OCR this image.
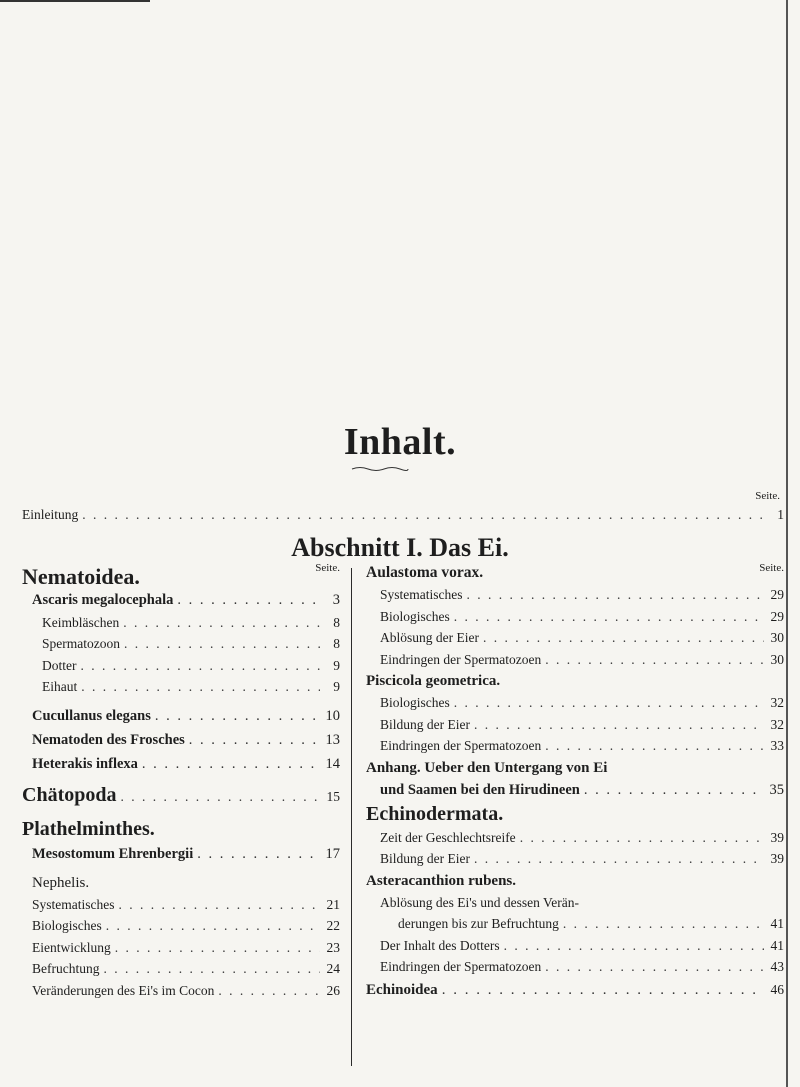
Inhalt.
Seite.
Einleitung . . .	1
Abschnitt I. Das Ei.
Nematoidea.	Seite.
Ascaris megalocephala . . .	3
Keimbläschen . . .	8
Spermatozoon . . .	8
Dotter . . .	9
Eihaut . . .	9
Cucullanus elegans . . .	10
Nematoden des Frosches . . .	13
Heterakis inflexa . . .	14
Chätopoda . . .	15
Plathelminthes.
Mesostomum Ehrenbergii . . .	17
Nephelis.
Systematisches . . .	21
Biologisches . . .	22
Eientwicklung . . .	23
Befruchtung . . .	24
Veränderungen des Ei's im Cocon . . .	26
Aulastoma vorax.	Seite.
Systematisches . . .	29
Biologisches . . .	29
Ablösung der Eier . . .	30
Eindringen der Spermatozoen . . .	30
Piscicola geometrica.
Biologisches . . .	32
Bildung der Eier . . .	32
Eindringen der Spermatozoen . . .	33
Anhang. Ueber den Untergang von Ei
und Saamen bei den Hirudineen . . .	35
Echinodermata.
Zeit der Geschlechtsreife . . .	39
Bildung der Eier . . .	39
Asteracanthion rubens.
Ablösung des Ei's und dessen Verän-
derungen bis zur Befruchtung . . .	41
Der Inhalt des Dotters . . .	41
Eindringen der Spermatozoen . . .	43
Echinoidea . . .	46
